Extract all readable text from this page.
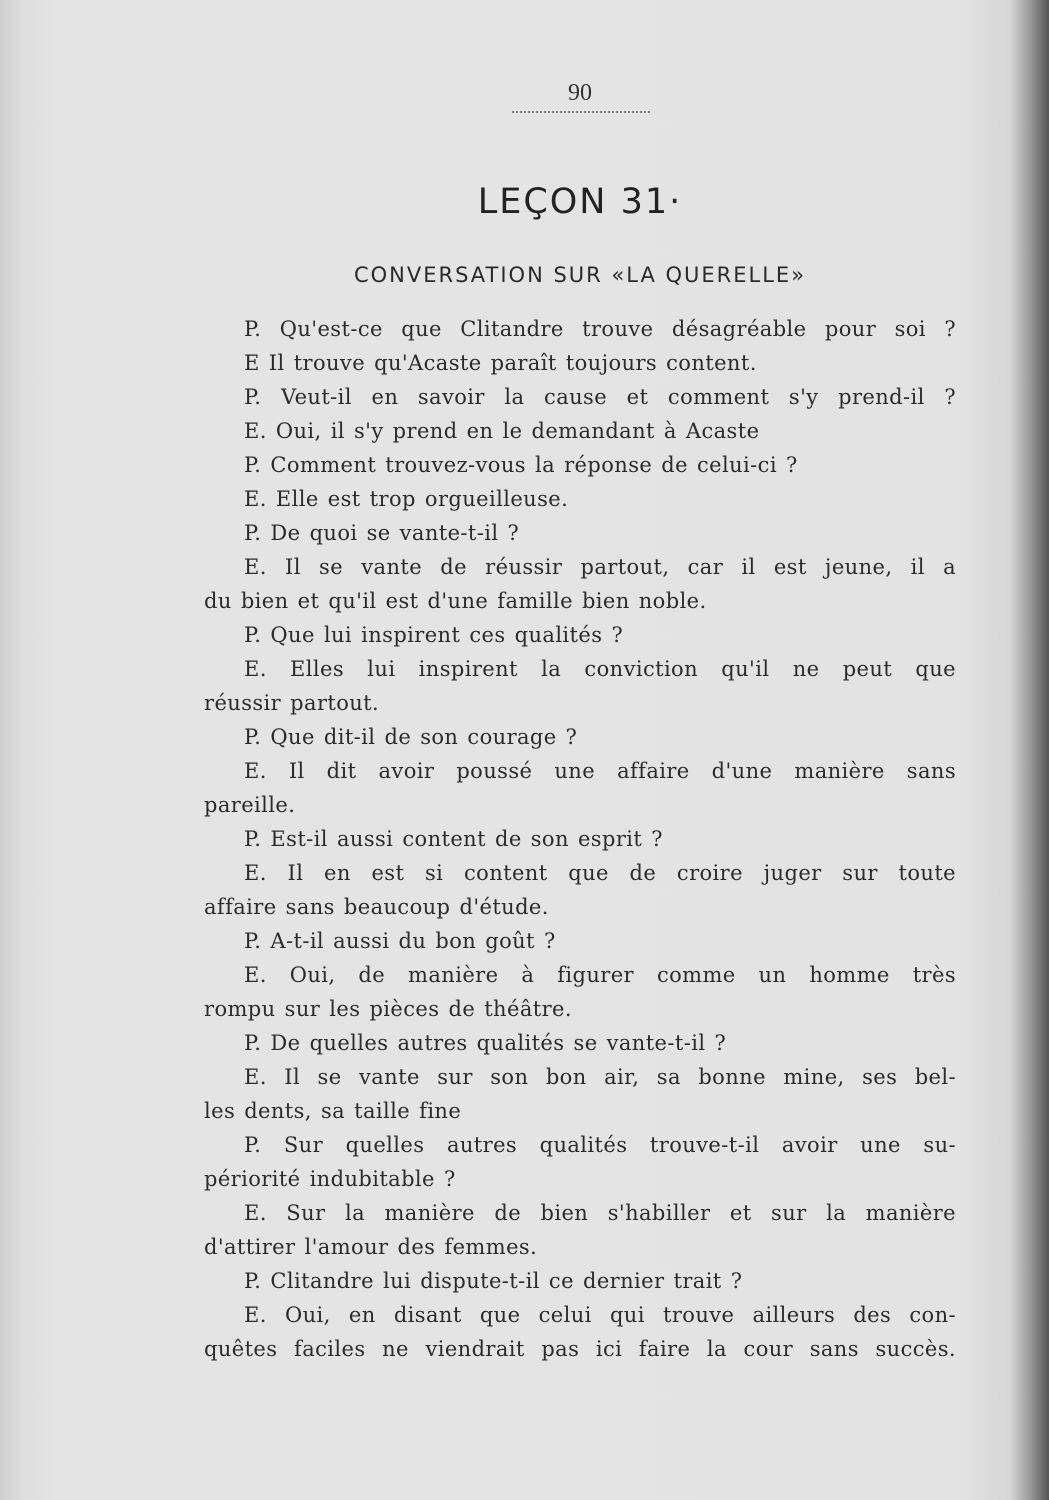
90
LEÇON 31·
CONVERSATION SUR «LA QUERELLE»
P. Qu'est-ce que Clitandre trouve désagréable pour soi ?
E Il trouve qu'Acaste paraît toujours content.
P. Veut-il en savoir la cause et comment s'y prend-il ?
E. Oui, il s'y prend en le demandant à Acaste
P. Comment trouvez-vous la réponse de celui-ci ?
E. Elle est trop orgueilleuse.
P. De quoi se vante-t-il ?
E. Il se vante de réussir partout, car il est jeune, il a
du bien et qu'il est d'une famille bien noble.
P. Que lui inspirent ces qualités ?
E. Elles lui inspirent la conviction qu'il ne peut que
réussir partout.
P. Que dit-il de son courage ?
E. Il dit avoir poussé une affaire d'une manière sans
pareille.
P. Est-il aussi content de son esprit ?
E. Il en est si content que de croire juger sur toute
affaire sans beaucoup d'étude.
P. A-t-il aussi du bon goût ?
E. Oui, de manière à figurer comme un homme très
rompu sur les pièces de théâtre.
P. De quelles autres qualités se vante-t-il ?
E. Il se vante sur son bon air, sa bonne mine, ses bel-
les dents, sa taille fine
P. Sur quelles autres qualités trouve-t-il avoir une su-
périorité indubitable ?
E. Sur la manière de bien s'habiller et sur la manière
d'attirer l'amour des femmes.
P. Clitandre lui dispute-t-il ce dernier trait ?
E. Oui, en disant que celui qui trouve ailleurs des con-
quêtes faciles ne viendrait pas ici faire la cour sans succès.
